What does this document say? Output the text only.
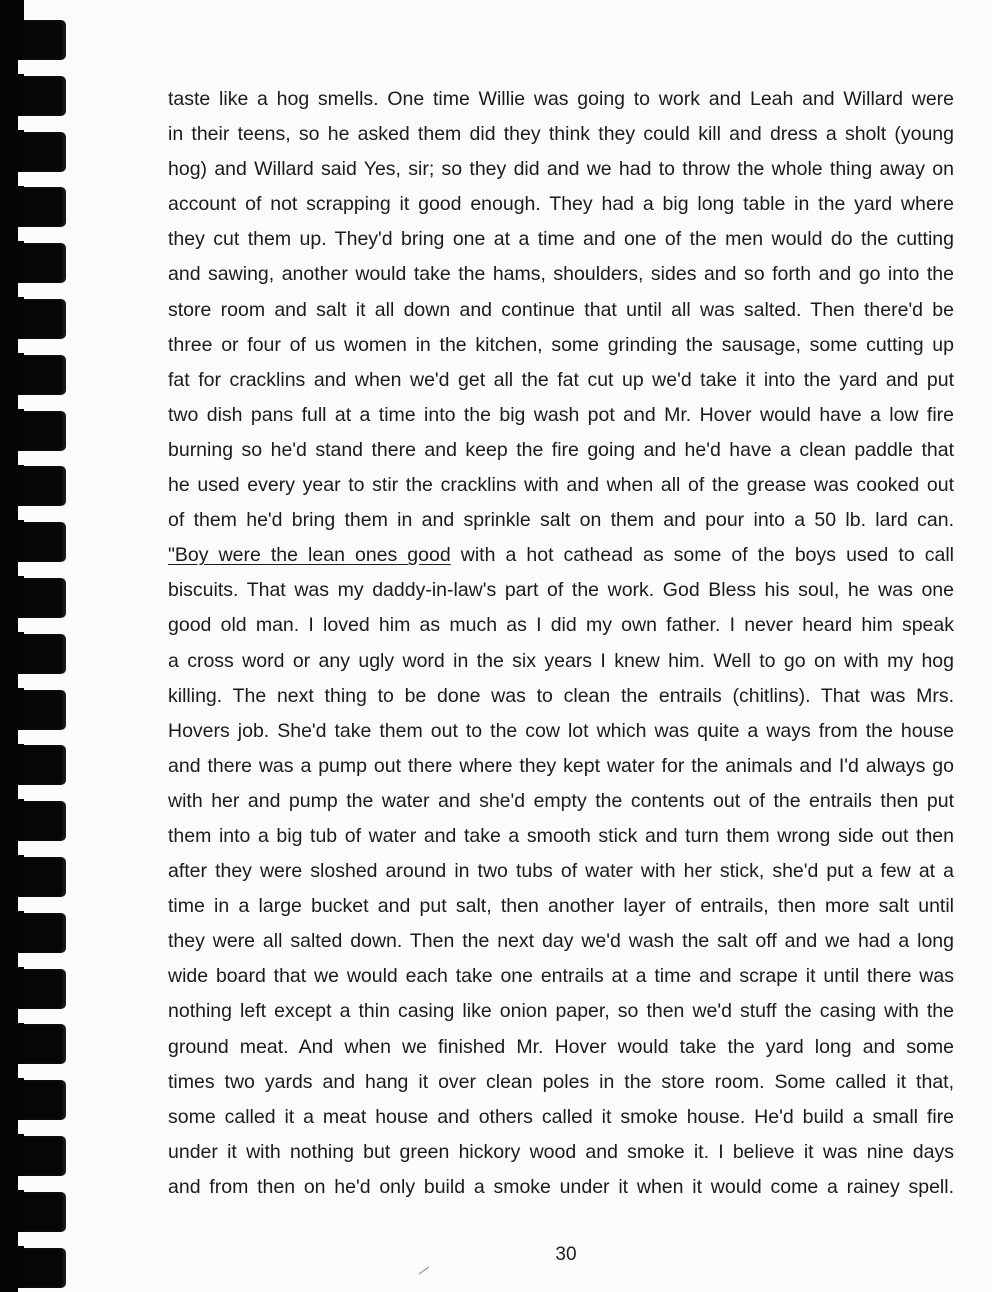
taste like a hog smells. One time Willie was going to work and Leah and Willard were
in their teens, so he asked them did they think they could kill and dress a sholt (young
hog) and Willard said Yes, sir; so they did and we had to throw the whole thing away on
account of not scrapping it good enough. They had a big long table in the yard where
they cut them up. They'd bring one at a time and one of the men would do the cutting
and sawing, another would take the hams, shoulders, sides and so forth and go into the
store room and salt it all down and continue that until all was salted. Then there'd be
three or four of us women in the kitchen, some grinding the sausage, some cutting up
fat for cracklins and when we'd get all the fat cut up we'd take it into the yard and put
two dish pans full at a time into the big wash pot and Mr. Hover would have a low fire
burning so he'd stand there and keep the fire going and he'd have a clean paddle that
he used every year to stir the cracklins with and when all of the grease was cooked out
of them he'd bring them in and sprinkle salt on them and pour into a 50 lb. lard can.
"Boy were the lean ones good with a hot cathead as some of the boys used to call
biscuits. That was my daddy-in-law's part of the work. God Bless his soul, he was one
good old man. I loved him as much as I did my own father. I never heard him speak
a cross word or any ugly word in the six years I knew him. Well to go on with my hog
killing. The next thing to be done was to clean the entrails (chitlins). That was Mrs.
Hovers job. She'd take them out to the cow lot which was quite a ways from the house
and there was a pump out there where they kept water for the animals and I'd always go
with her and pump the water and she'd empty the contents out of the entrails then put
them into a big tub of water and take a smooth stick and turn them wrong side out then
after they were sloshed around in two tubs of water with her stick, she'd put a few at a
time in a large bucket and put salt, then another layer of entrails, then more salt until
they were all salted down. Then the next day we'd wash the salt off and we had a long
wide board that we would each take one entrails at a time and scrape it until there was
nothing left except a thin casing like onion paper, so then we'd stuff the casing with the
ground meat. And when we finished Mr. Hover would take the yard long and some
times two yards and hang it over clean poles in the store room. Some called it that,
some called it a meat house and others called it smoke house. He'd build a small fire
under it with nothing but green hickory wood and smoke it. I believe it was nine days
and from then on he'd only build a smoke under it when it would come a rainey spell.
30
